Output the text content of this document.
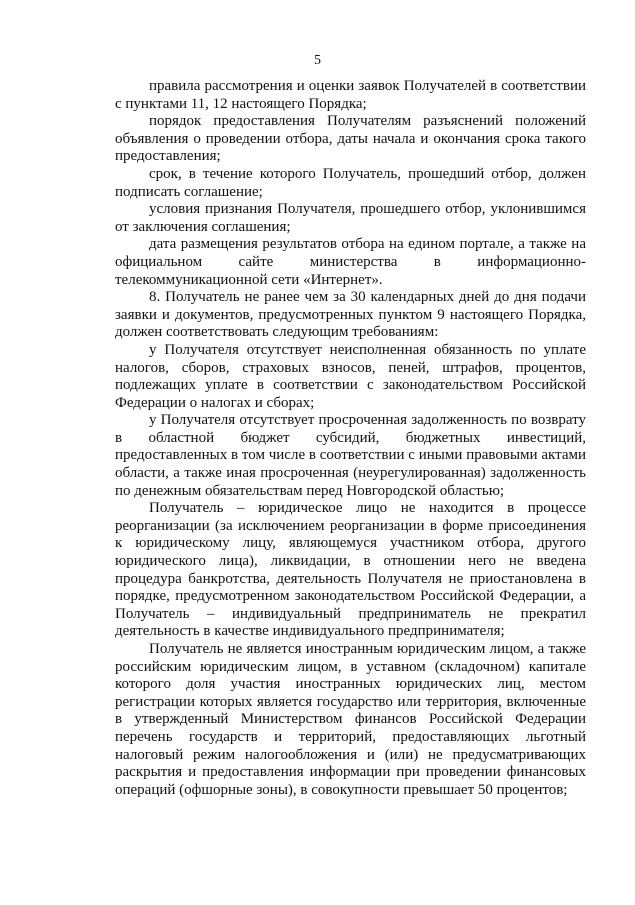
5

правила рассмотрения и оценки заявок Получателей в соответствии с пунктами 11, 12 настоящего Порядка;

порядок предоставления Получателям разъяснений положений объявления о проведении отбора, даты начала и окончания срока такого предоставления;

срок, в течение которого Получатель, прошедший отбор, должен подписать соглашение;

условия признания Получателя, прошедшего отбор, уклонившимся от заключения соглашения;

дата размещения результатов отбора на едином портале, а также на официальном сайте министерства в информационно-телекоммуникационной сети «Интернет».

8. Получатель не ранее чем за 30 календарных дней до дня подачи заявки и документов, предусмотренных пунктом 9 настоящего Порядка, должен соответствовать следующим требованиям:

у Получателя отсутствует неисполненная обязанность по уплате налогов, сборов, страховых взносов, пеней, штрафов, процентов, подлежащих уплате в соответствии с законодательством Российской Федерации о налогах и сборах;

у Получателя отсутствует просроченная задолженность по возврату в областной бюджет субсидий, бюджетных инвестиций, предоставленных в том числе в соответствии с иными правовыми актами области, а также иная просроченная (неурегулированная) задолженность по денежным обязательствам перед Новгородской областью;

Получатель – юридическое лицо не находится в процессе реорганизации (за исключением реорганизации в форме присоединения к юридическому лицу, являющемуся участником отбора, другого юридического лица), ликвидации, в отношении него не введена процедура банкротства, деятельность Получателя не приостановлена в порядке, предусмотренном законодательством Российской Федерации, а Получатель – индивидуальный предприниматель не прекратил деятельность в качестве индивидуального предпринимателя;

Получатель не является иностранным юридическим лицом, а также российским юридическим лицом, в уставном (складочном) капитале которого доля участия иностранных юридических лиц, местом регистрации которых является государство или территория, включенные в утвержденный Министерством финансов Российской Федерации перечень государств и территорий, предоставляющих льготный налоговый режим налогообложения и (или) не предусматривающих раскрытия и предоставления информации при проведении финансовых операций (офшорные зоны), в совокупности превышает 50 процентов;
